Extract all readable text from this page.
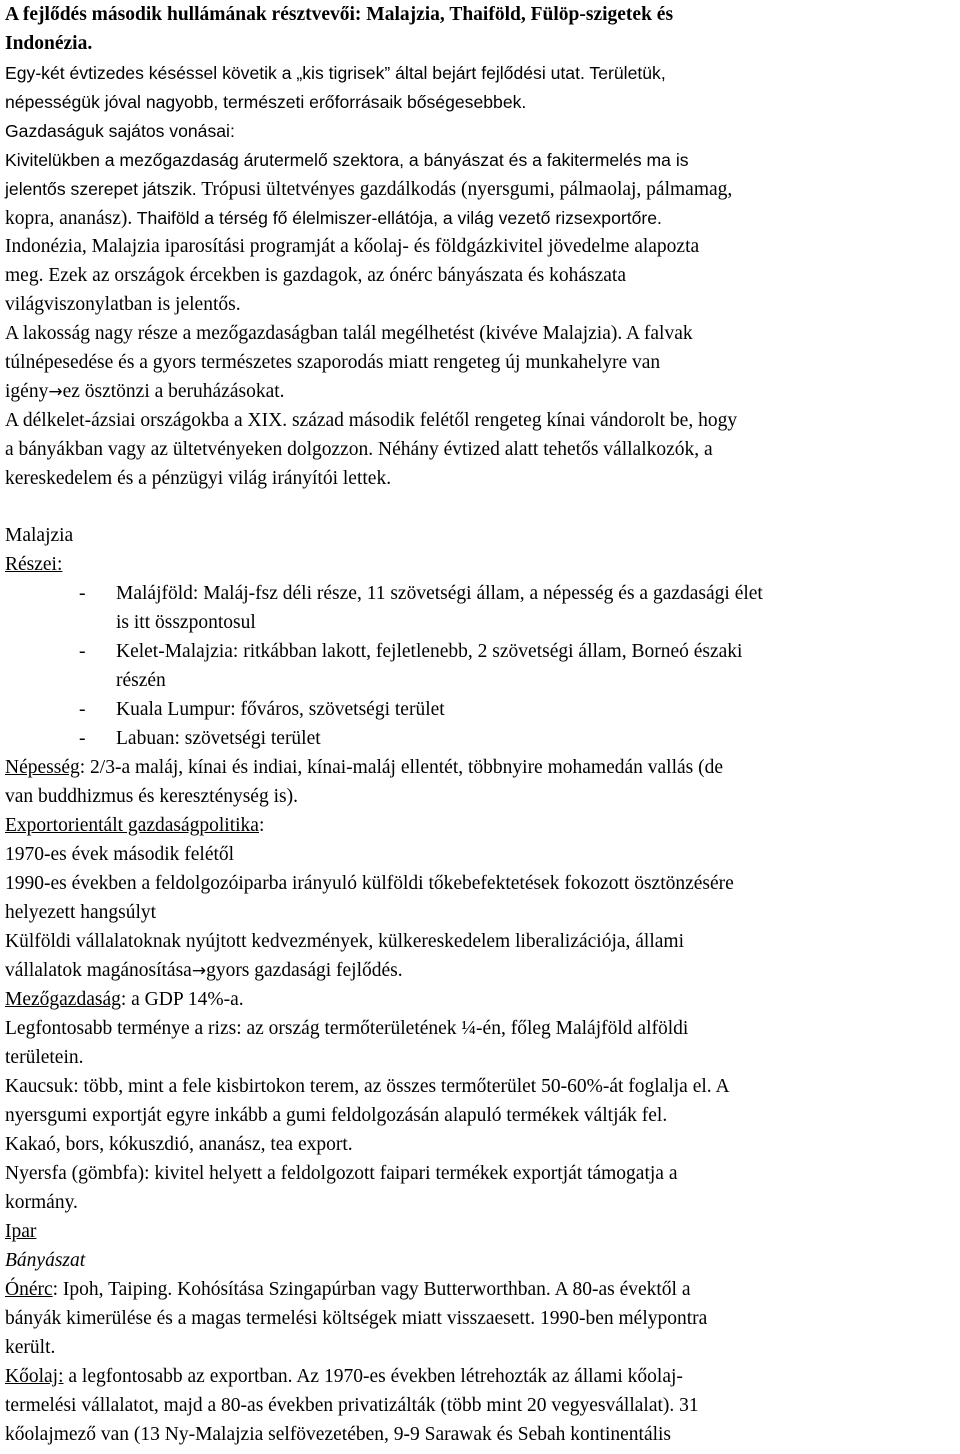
A fejlődés második hullámának résztvevői: Malajzia, Thaiföld, Fülöp-szigetek és
Indonézia.
Egy-két évtizedes késéssel követik a „kis tigrisek” által bejárt fejlődési utat. Területük,
népességük jóval nagyobb, természeti erőforrásaik bőségesebbek.
Gazdaságuk sajátos vonásai:
Kivitelükben a mezőgazdaság árutermelő szektora, a bányászat és a fakitermelés ma is
jelentős szerepet játszik. Trópusi ültetvényes gazdálkodás (nyersgumi, pálmaolaj, pálmamag,
kopra, ananász). Thaiföld a térség fő élelmiszer-ellátója, a világ vezető rizsexportőre.
Indonézia, Malajzia iparosítási programját a kőolaj- és földgázkivitel jövedelme alapozta
meg. Ezek az országok ércekben is gazdagok, az ónérc bányászata és kohászata
világviszonylatban is jelentős.
A lakosság nagy része a mezőgazdaságban talál megélhetést (kivéve Malajzia). A falvak
túlnépesedése és a gyors természetes szaporodás miatt rengeteg új munkahelyre van
igény→ez ösztönzi a beruházásokat.
A délkelet-ázsiai országokba a XIX. század második felétől rengeteg kínai vándorolt be, hogy
a bányákban vagy az ültetvényeken dolgozzon. Néhány évtized alatt tehetős vállalkozók, a
kereskedelem és a pénzügyi világ irányítói lettek.
Malajzia
Részei:
- Malájföld: Maláj-fsz déli része, 11 szövetségi állam, a népesség és a gazdasági élet
is itt összpontosul
- Kelet-Malajzia: ritkábban lakott, fejletlenebb, 2 szövetségi állam, Borneó északi
részén
- Kuala Lumpur: főváros, szövetségi terület
- Labuan: szövetségi terület
Népesség: 2/3-a maláj, kínai és indiai, kínai-maláj ellentét, többnyire mohamedán vallás (de
van buddhizmus és kereszténység is).
Exportorientált gazdaságpolitika:
1970-es évek második felétől
1990-es években a feldolgozóiparba irányuló külföldi tőkebefektetések fokozott ösztönzésére
helyezett hangsúlyt
Külföldi vállalatoknak nyújtott kedvezmények, külkereskedelem liberalizációja, állami
vállalatok magánosítása→gyors gazdasági fejlődés.
Mezőgazdaság: a GDP 14%-a.
Legfontosabb terménye a rizs: az ország termőterületének ¼-én, főleg Malájföld alföldi
területein.
Kaucsuk: több, mint a fele kisbirtokon terem, az összes termőterület 50-60%-át foglalja el. A
nyersgumi exportját egyre inkább a gumi feldolgozásán alapuló termékek váltják fel.
Kakaó, bors, kókuszdió, ananász, tea export.
Nyersfa (gömbfa): kivitel helyett a feldolgozott faipari termékek exportját támogatja a
kormány.
Ipar
Bányászat
Ónérc: Ipoh, Taiping. Kohósítása Szingapúrban vagy Butterworthban. A 80-as évektől a
bányák kimerülése és a magas termelési költségek miatt visszaesett. 1990-ben mélypontra
került.
Kőolaj: a legfontosabb az exportban. Az 1970-es években létrehozták az állami kőolaj-
termelési vállalatot, majd a 80-as években privatizálták (több mint 20 vegyesvállalat). 31
kőolajmező van (13 Ny-Malajzia selfövezetében, 9-9 Sarawak és Sebah kontinentális
